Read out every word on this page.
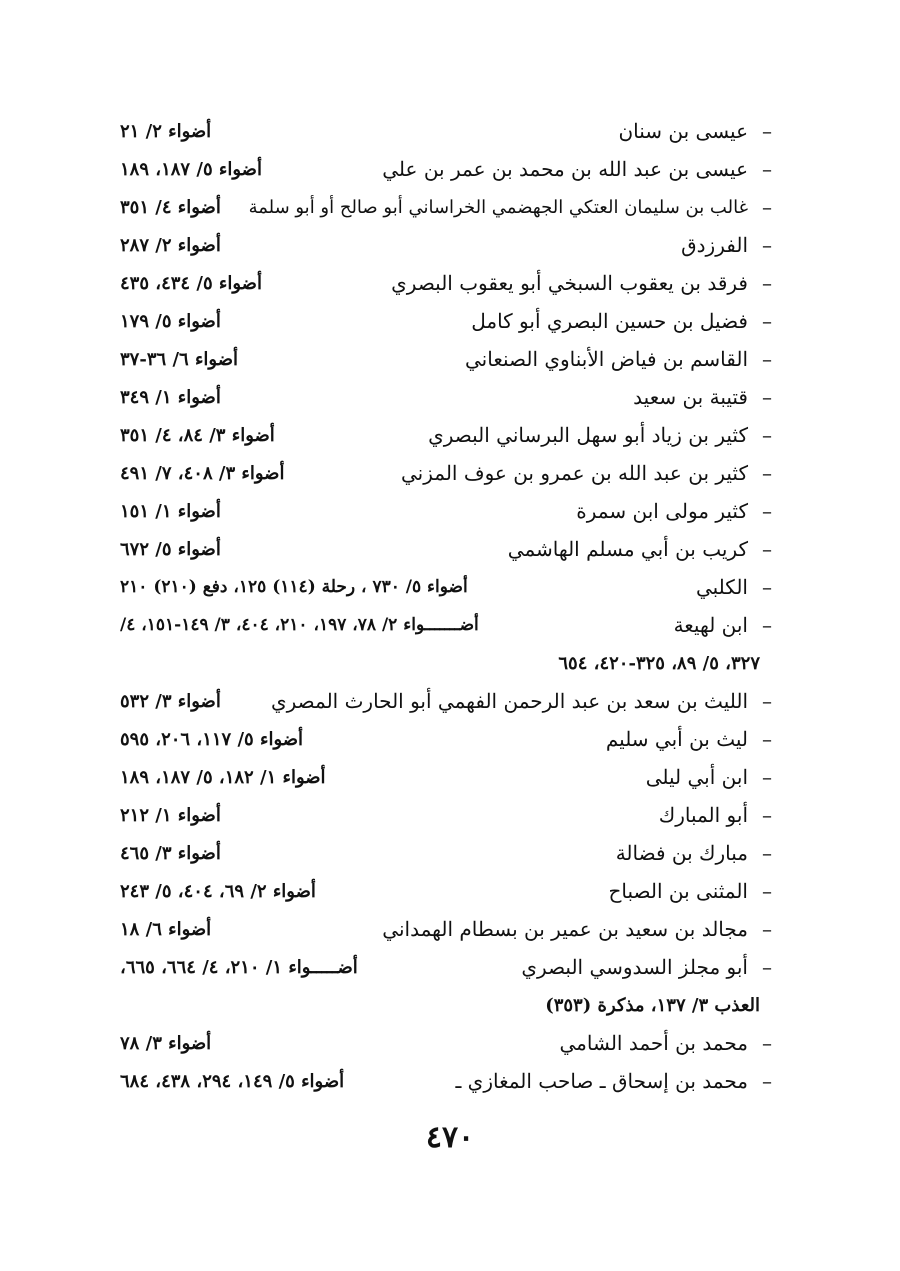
–
عيسى بن سنان
أضواء ٢/ ٢١
–
عيسى بن عبد الله بن محمد بن عمر بن علي
أضواء ٥/ ١٨٧، ١٨٩
–
غالب بن سليمان العتكي الجهضمي الخراساني أبو صالح أو أبو سلمة
أضواء ٤/ ٣٥١
–
الفرزدق
أضواء ٢/ ٢٨٧
–
فرقد بن يعقوب السبخي أبو يعقوب البصري
أضواء ٥/ ٤٣٤، ٤٣٥
–
فضيل بن حسين البصري أبو كامل
أضواء ٥/ ١٧٩
–
القاسم بن فياض الأبناوي الصنعاني
أضواء ٦/ ٣٦-٣٧
–
قتيبة بن سعيد
أضواء ١/ ٣٤٩
–
كثير بن زياد أبو سهل البرساني البصري
أضواء ٣/ ٨٤، ٤/ ٣٥١
–
كثير بن عبد الله بن عمرو بن عوف المزني
أضواء ٣/ ٤٠٨، ٧/ ٤٩١
–
كثير مولى ابن سمرة
أضواء ١/ ١٥١
–
كريب بن أبي مسلم الهاشمي
أضواء ٥/ ٦٧٢
–
الكلبي
أضواء ٥/ ٧٣٠ ، رحلة (١١٤) ١٢٥، دفع (٢١٠) ٢١٠
–
ابن لهيعة
أضـــــــواء ٢/ ٧٨، ١٩٧، ٢١٠، ٤٠٤، ٣/ ١٤٩-١٥١، ٤/
٣٢٧، ٥/ ٨٩، ٣٢٥-٤٢٠، ٦٥٤
–
الليث بن سعد بن عبد الرحمن الفهمي أبو الحارث المصري
أضواء ٣/ ٥٣٢
–
ليث بن أبي سليم
أضواء ٥/ ١١٧، ٢٠٦، ٥٩٥
–
ابن أبي ليلى
أضواء ١/ ١٨٢، ٥/ ١٨٧، ١٨٩
–
أبو المبارك
أضواء ١/ ٢١٢
–
مبارك بن فضالة
أضواء ٣/ ٤٦٥
–
المثنى بن الصباح
أضواء ٢/ ٦٩، ٤٠٤، ٥/ ٢٤٣
–
مجالد بن سعيد بن عمير بن بسطام الهمداني
أضواء ٦/ ١٨
–
أبو مجلز السدوسي البصري
أضـــــواء ١/ ٢١٠، ٤/ ٦٦٤، ٦٦٥،
العذب ٣/ ١٣٧، مذكرة (٣٥٣)
–
محمد بن أحمد الشامي
أضواء ٣/ ٧٨
–
محمد بن إسحاق ـ صاحب المغازي ـ
أضواء ٥/ ١٤٩، ٢٩٤، ٤٣٨، ٦٨٤
٤٧٠
